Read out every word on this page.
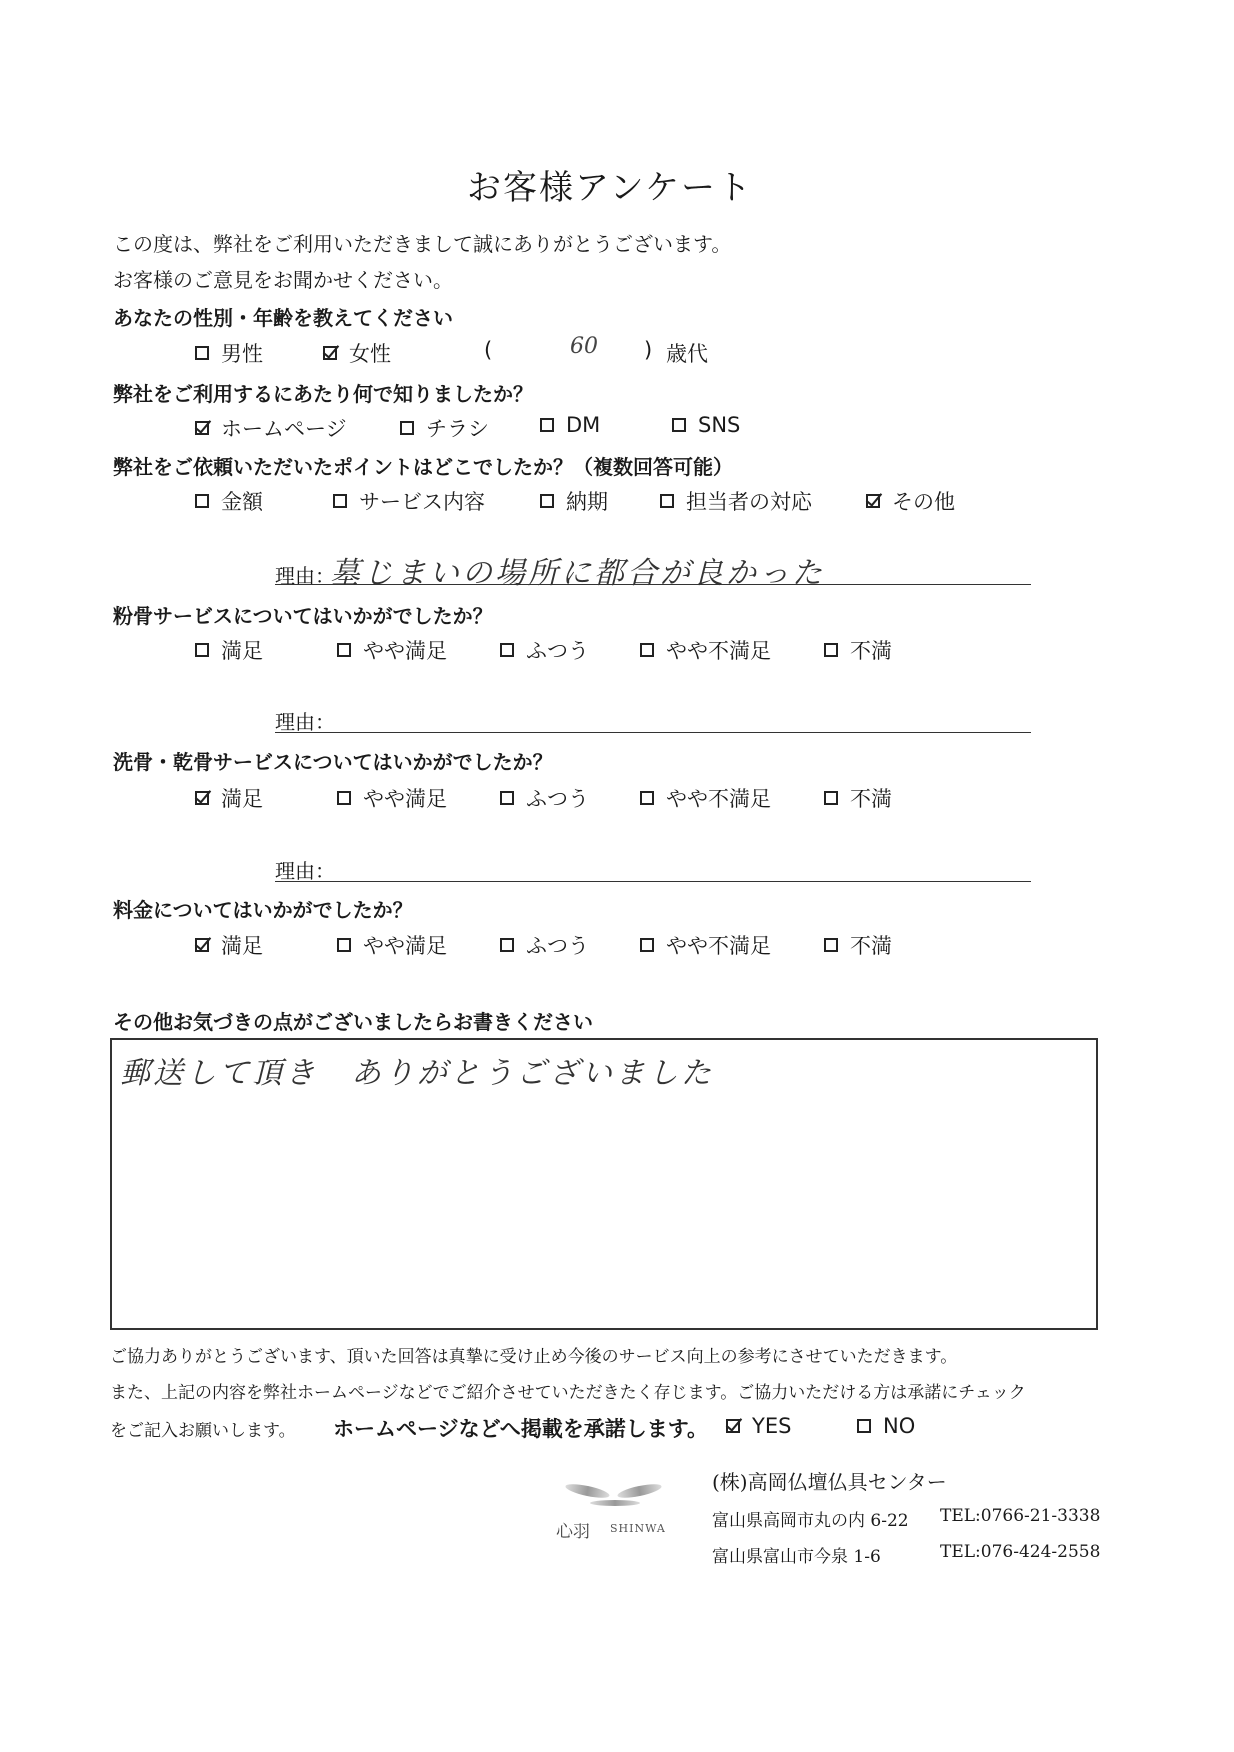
お客様アンケート
この度は、弊社をご利用いただきまして誠にありがとうございます。
お客様のご意見をお聞かせください。
あなたの性別・年齢を教えてください
男性	女性	(	60 ) 歳代
弊社をご利用するにあたり何で知りましたか？
ホームページ	チラシ	DM	SNS
弊社をご依頼いただいたポイントはどこでしたか？（複数回答可能）
金額	サービス内容	納期	担当者の対応	その他
理由：
墓じまいの場所に都合が良かった
粉骨サービスについてはいかがでしたか？
満足	やや満足	ふつう	やや不満足	不満
理由：
洗骨・乾骨サービスについてはいかがでしたか？
満足	やや満足	ふつう	やや不満足	不満
理由：
料金についてはいかがでしたか？
満足	やや満足	ふつう	やや不満足	不満
その他お気づきの点がございましたらお書きください
郵送して頂き　ありがとうございました
ご協力ありがとうございます、頂いた回答は真摯に受け止め今後のサービス向上の参考にさせていただきます。
また、上記の内容を弊社ホームページなどでご紹介させていただきたく存じます。ご協力いただける方は承諾にチェック
をご記入お願いします。 ホームページなどへ掲載を承諾します。 YES	NO
心羽 SHINWA
(株)高岡仏壇仏具センター
富山県高岡市丸の内 6-22 TEL:0766-21-3338
富山県富山市今泉 1-6	TEL:076-424-2558
